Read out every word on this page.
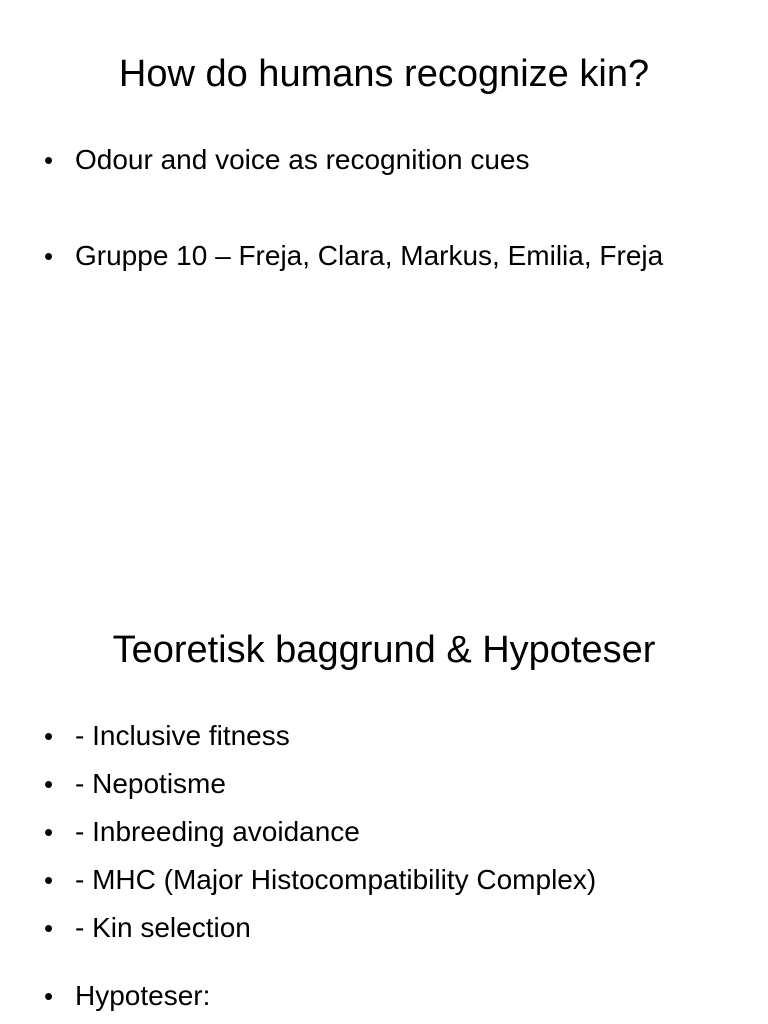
How do humans recognize kin?
• Odour and voice as recognition cues
• Gruppe 10 – Freja, Clara, Markus, Emilia, Freja
Teoretisk baggrund & Hypoteser
• - Inclusive fitness
• - Nepotisme
• - Inbreeding avoidance
• - MHC (Major Histocompatibility Complex)
• - Kin selection
• Hypoteser:
